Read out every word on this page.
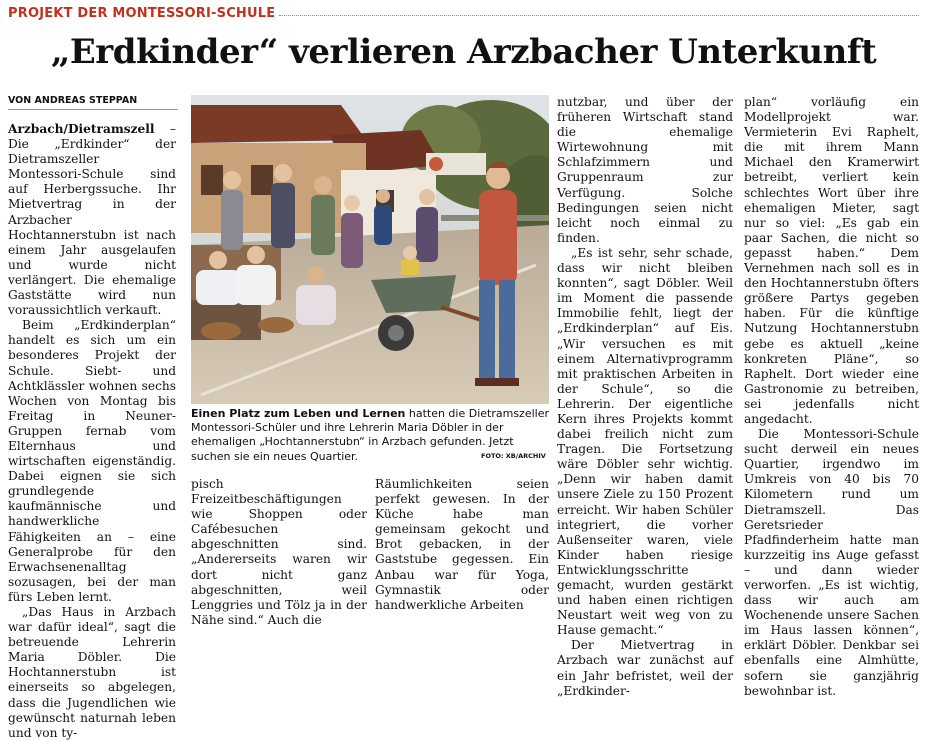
PROJEKT DER MONTESSORI-SCHULE
„Erdkinder“ verlieren Arzbacher Unterkunft
VON ANDREAS STEPPAN

Arzbach/Dietramszell – Die „Erdkinder“ der Dietramszeller Montessori-Schule sind auf Herbergssuche. Ihr Mietvertrag in der Arzbacher Hochtannerstubn ist nach einem Jahr ausgelaufen und wurde nicht verlängert. Die ehemalige Gaststätte wird nun voraussichtlich verkauft.

Beim „Erdkinderplan“ handelt es sich um ein besonderes Projekt der Schule. Siebt- und Achtklässler wohnen sechs Wochen von Montag bis Freitag in Neuner-Gruppen fernab vom Elternhaus und wirtschaften eigenständig. Dabei eignen sie sich grundlegende kaufmännische und handwerkliche Fähigkeiten an – eine Generalprobe für den Erwachsenenalltag sozusagen, bei der man fürs Leben lernt.

„Das Haus in Arzbach war dafür ideal“, sagt die betreuende Lehrerin Maria Döbler. Die Hochtannerstubn ist einerseits so abgelegen, dass die Jugendlichen wie gewünscht naturnah leben und von ty-

Einen Platz zum Leben und Lernen hatten die Dietramszeller Montessori-Schüler und ihre Lehrerin Maria Döbler in der ehemaligen „Hochtannerstubn“ in Arzbach gefunden. Jetzt suchen sie ein neues Quartier.	FOTO: XB/ARCHIV

pisch Freizeitbeschäftigungen wie Shoppen oder Cafébesuchen abgeschnitten sind. „Andererseits waren wir dort nicht ganz abgeschnitten, weil Lenggries und Tölz ja in der Nähe sind.“ Auch die

Räumlichkeiten seien perfekt gewesen. In der Küche habe man gemeinsam gekocht und Brot gebacken, in der Gaststube gegessen. Ein Anbau war für Yoga, Gymnastik oder handwerkliche Arbeiten

nutzbar, und über der früheren Wirtschaft stand die ehemalige Wirtewohnung mit Schlafzimmern und Gruppenraum zur Verfügung. Solche Bedingungen seien nicht leicht noch einmal zu finden.

„Es ist sehr, sehr schade, dass wir nicht bleiben konnten“, sagt Döbler. Weil im Moment die passende Immobilie fehlt, liegt der „Erdkinderplan“ auf Eis. „Wir versuchen es mit einem Alternativprogramm mit praktischen Arbeiten in der Schule“, so die Lehrerin. Der eigentliche Kern ihres Projekts kommt dabei freilich nicht zum Tragen. Die Fortsetzung wäre Döbler sehr wichtig. „Denn wir haben damit unsere Ziele zu 150 Prozent erreicht. Wir haben Schüler integriert, die vorher Außenseiter waren, viele Kinder haben riesige Entwicklungsschritte gemacht, wurden gestärkt und haben einen richtigen Neustart weit weg von zu Hause gemacht.“

Der Mietvertrag in Arzbach war zunächst auf ein Jahr befristet, weil der „Erdkinder-

plan“ vorläufig ein Modellprojekt war. Vermieterin Evi Raphelt, die mit ihrem Mann Michael den Kramerwirt betreibt, verliert kein schlechtes Wort über ihre ehemaligen Mieter, sagt nur so viel: „Es gab ein paar Sachen, die nicht so gepasst haben.“ Dem Vernehmen nach soll es in den Hochtannerstubn öfters größere Partys gegeben haben. Für die künftige Nutzung Hochtannerstubn gebe es aktuell „keine konkreten Pläne“, so Raphelt. Dort wieder eine Gastronomie zu betreiben, sei jedenfalls nicht angedacht.

Die Montessori-Schule sucht derweil ein neues Quartier, irgendwo im Umkreis von 40 bis 70 Kilometern rund um Dietramszell. Das Geretsrieder Pfadfinderheim hatte man kurzzeitig ins Auge gefasst – und dann wieder verworfen. „Es ist wichtig, dass wir auch am Wochenende unsere Sachen im Haus lassen können“, erklärt Döbler. Denkbar sei ebenfalls eine Almhütte, sofern sie ganzjährig bewohnbar ist.
